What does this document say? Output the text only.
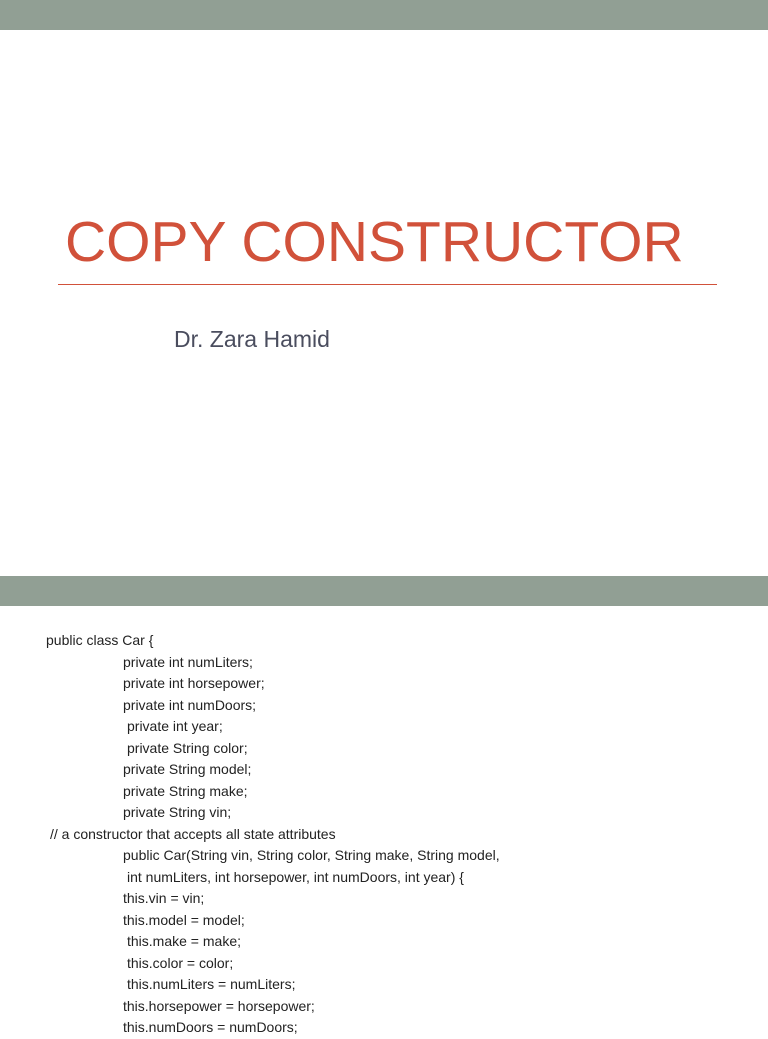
COPY CONSTRUCTOR
Dr. Zara Hamid
public class Car {
private int numLiters;
private int horsepower;
private int numDoors;
private int year;
private String color;
private String model;
private String make;
private String vin;
// a constructor that accepts all state attributes
public Car(String vin, String color, String make, String model,
int numLiters, int horsepower, int numDoors, int year) {
this.vin = vin;
this.model = model;
this.make = make;
this.color = color;
this.numLiters = numLiters;
this.horsepower = horsepower;
this.numDoors = numDoors;
